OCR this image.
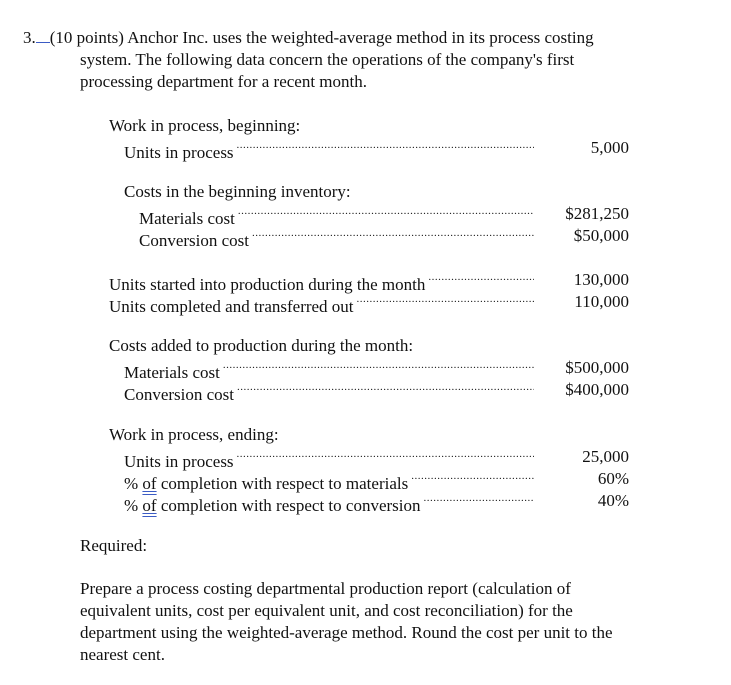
3. (10 points) Anchor Inc. uses the weighted-average method in its process costing
system. The following data concern the operations of the company's first
processing department for a recent month.
Work in process, beginning:
Units in process .....	5,000
Costs in the beginning inventory:
Materials cost .....	$281,250
Conversion cost .....	$50,000
Units started into production during the month .....	130,000
Units completed and transferred out .....	110,000
Costs added to production during the month:
Materials cost .....	$500,000
Conversion cost .....	$400,000
Work in process, ending:
Units in process .....	25,000
% of completion with respect to materials .....	60%
% of completion with respect to conversion .....	40%
Required:
Prepare a process costing departmental production report (calculation of
equivalent units, cost per equivalent unit, and cost reconciliation) for the
department using the weighted-average method. Round the cost per unit to the
nearest cent.
